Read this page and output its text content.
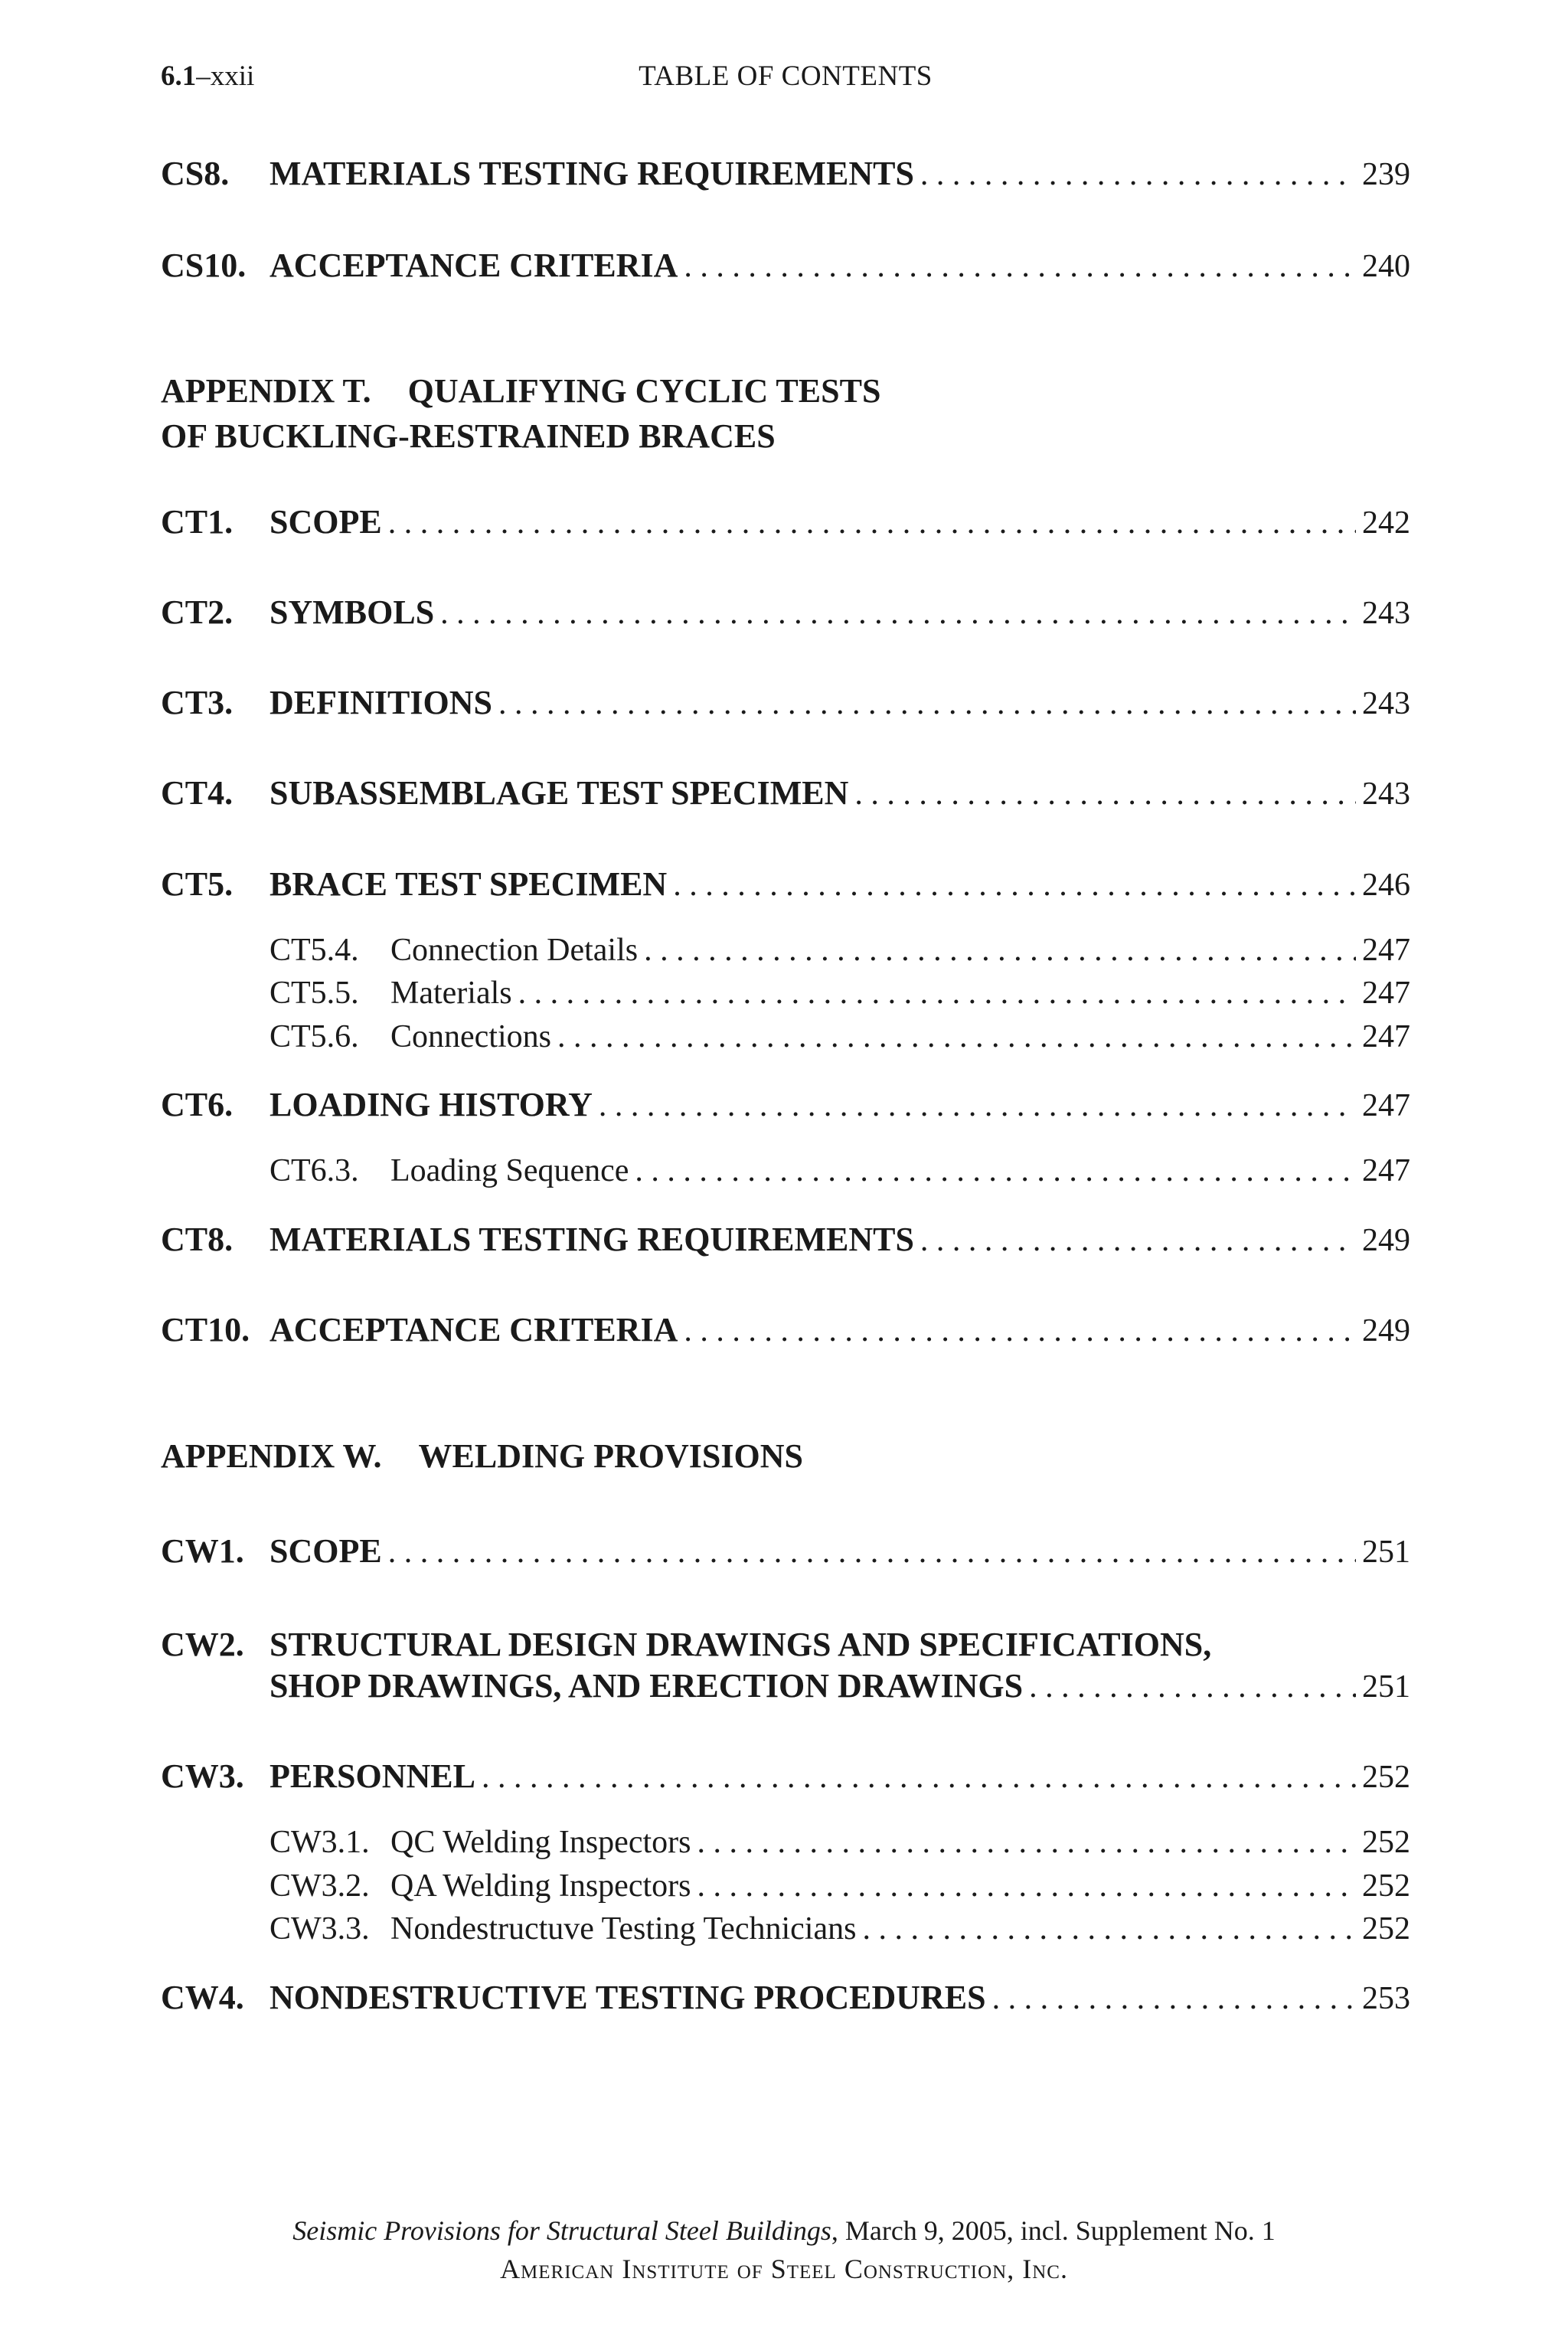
6.1–xxii	TABLE OF CONTENTS
CS8.	MATERIALS TESTING REQUIREMENTS . . .	239
CS10. ACCEPTANCE CRITERIA . . .	240
APPENDIX T. QUALIFYING CYCLIC TESTS
OF BUCKLING-RESTRAINED BRACES
CT1.	SCOPE . . .	242
CT2.	SYMBOLS . . .	243
CT3.	DEFINITIONS . . .	243
CT4.	SUBASSEMBLAGE TEST SPECIMEN . . .	243
CT5.	BRACE TEST SPECIMEN . . .	246
CT5.4. Connection Details . . .	247
CT5.5. Materials . . .	247
CT5.6. Connections . . .	247
CT6.	LOADING HISTORY . . .	247
CT6.3. Loading Sequence . . .	247
CT8.	MATERIALS TESTING REQUIREMENTS . . .	249
CT10. ACCEPTANCE CRITERIA . . .	249
APPENDIX W. WELDING PROVISIONS
CW1. SCOPE . . .	251
CW2. STRUCTURAL DESIGN DRAWINGS AND SPECIFICATIONS,
SHOP DRAWINGS, AND ERECTION DRAWINGS . . .	251
CW3. PERSONNEL . . .	252
CW3.1. QC Welding Inspectors . . .	252
CW3.2. QA Welding Inspectors . . .	252
CW3.3. Nondestructuve Testing Technicians . . .	252
CW4. NONDESTRUCTIVE TESTING PROCEDURES . . .	253
Seismic Provisions for Structural Steel Buildings, March 9, 2005, incl. Supplement No. 1
American Institute of Steel Construction, Inc.
